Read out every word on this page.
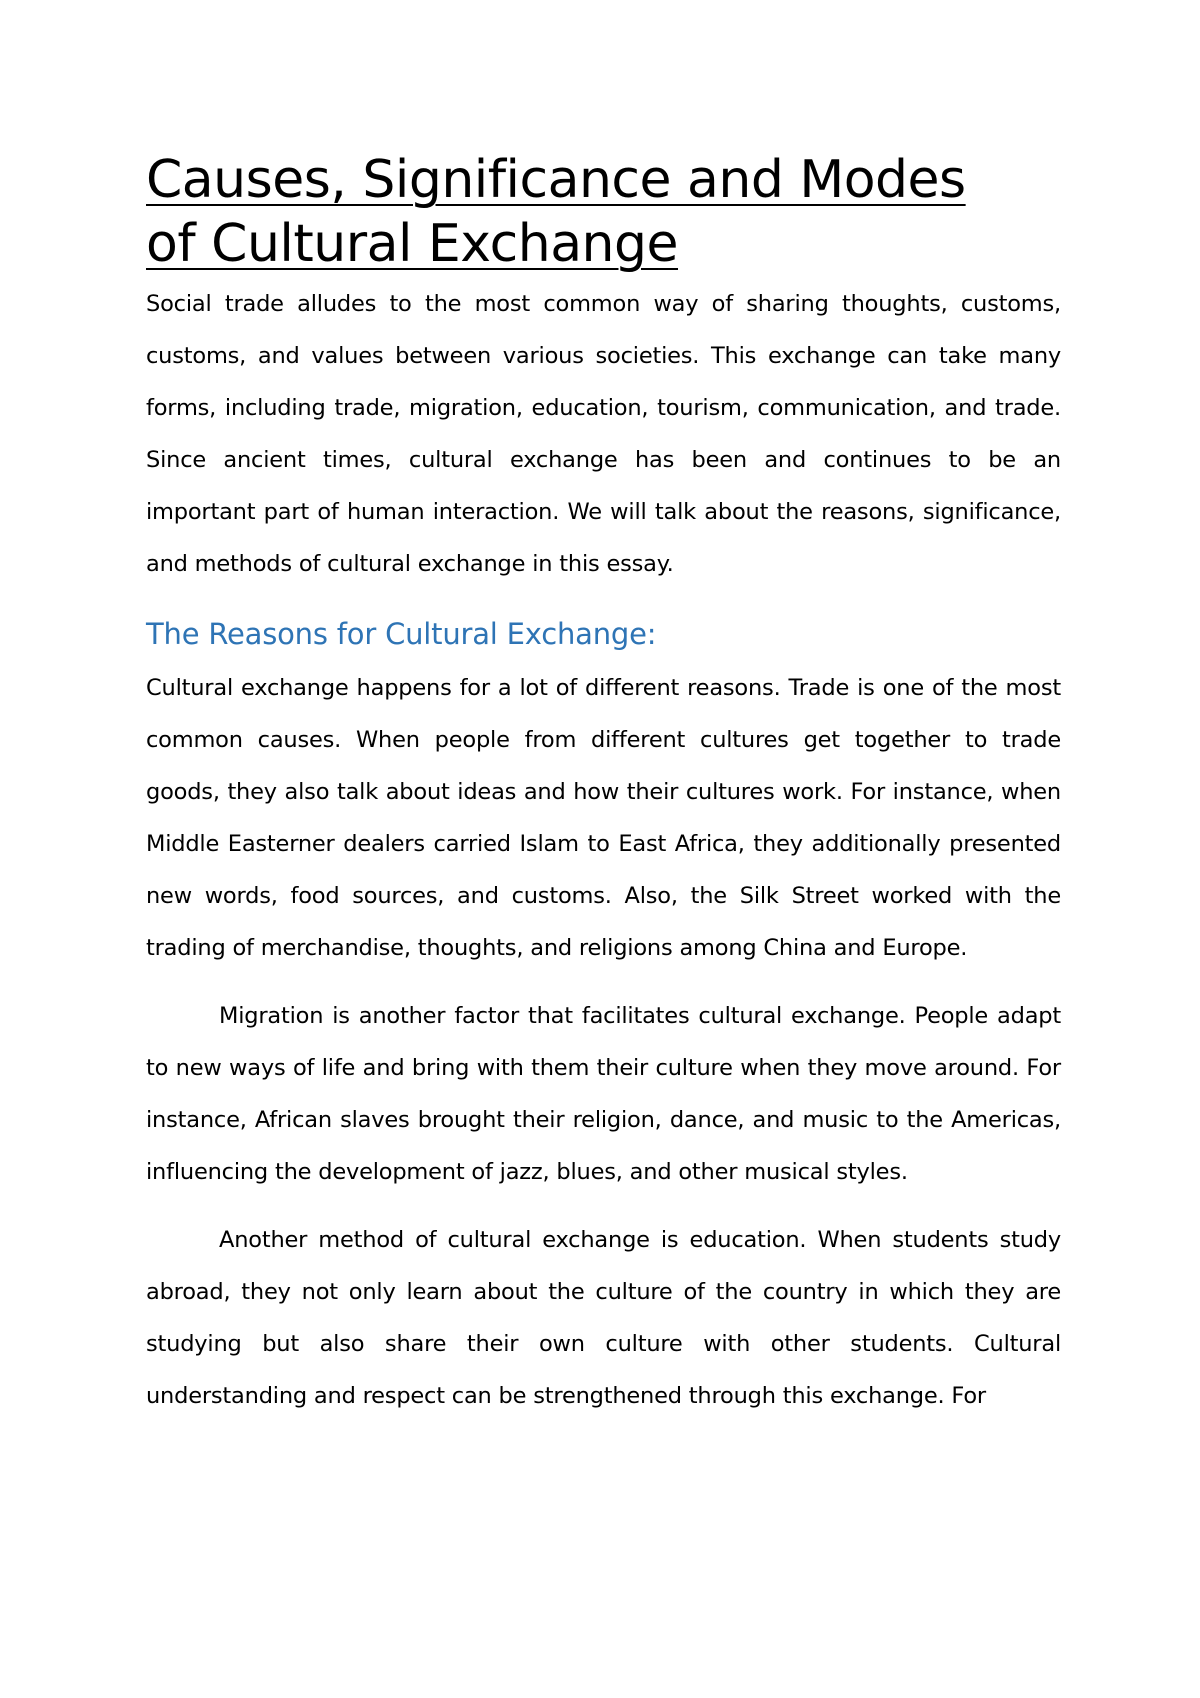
Causes, Significance and Modes
of Cultural Exchange

Social trade alludes to the most common way of sharing thoughts, customs, customs, and values between various societies. This exchange can take many forms, including trade, migration, education, tourism, communication, and trade. Since ancient times, cultural exchange has been and continues to be an important part of human interaction. We will talk about the reasons, significance, and methods of cultural exchange in this essay.

The Reasons for Cultural Exchange:

Cultural exchange happens for a lot of different reasons. Trade is one of the most common causes. When people from different cultures get together to trade goods, they also talk about ideas and how their cultures work. For instance, when Middle Easterner dealers carried Islam to East Africa, they additionally presented new words, food sources, and customs. Also, the Silk Street worked with the trading of merchandise, thoughts, and religions among China and Europe.

Migration is another factor that facilitates cultural exchange. People adapt to new ways of life and bring with them their culture when they move around. For instance, African slaves brought their religion, dance, and music to the Americas, influencing the development of jazz, blues, and other musical styles.

Another method of cultural exchange is education. When students study abroad, they not only learn about the culture of the country in which they are studying but also share their own culture with other students. Cultural understanding and respect can be strengthened through this exchange. For
